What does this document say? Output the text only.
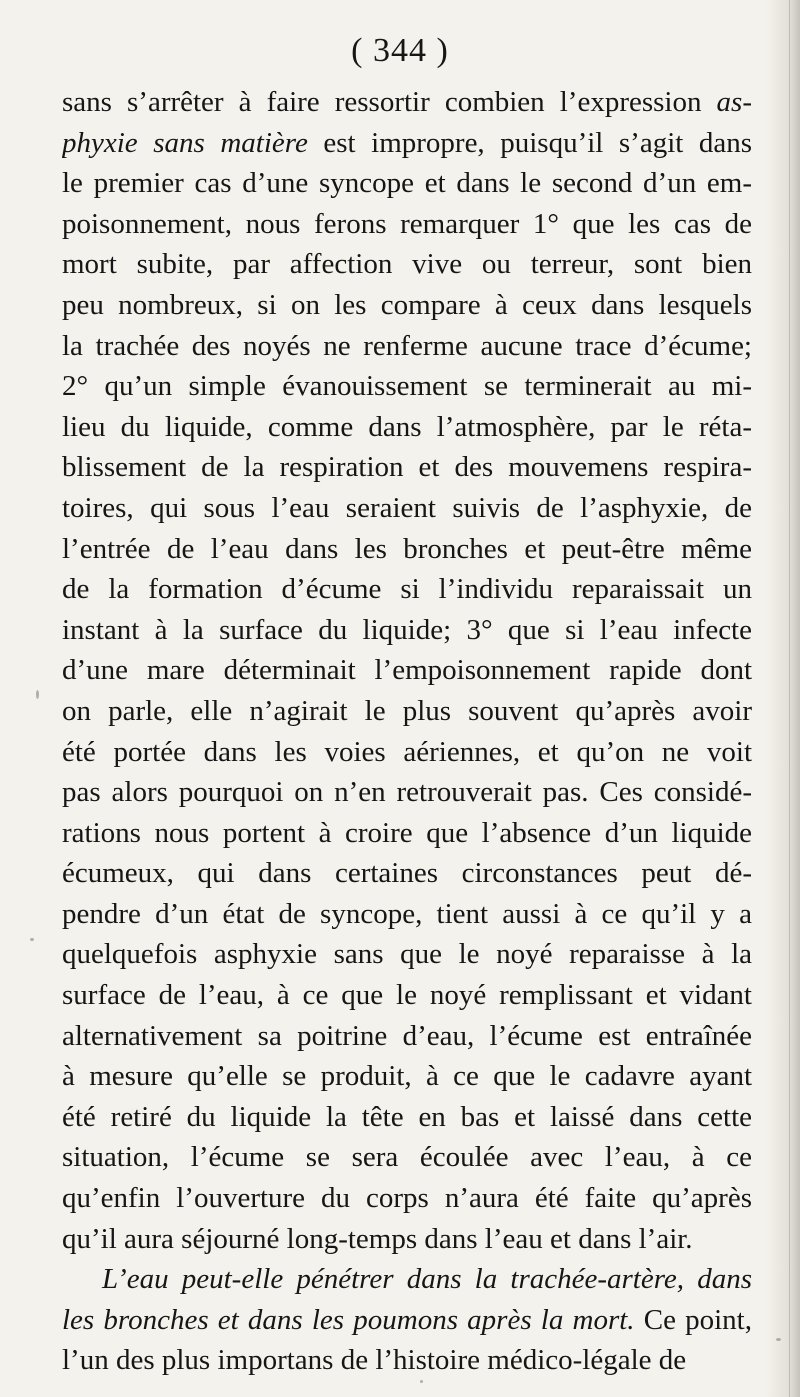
( 344 )
sans s’arrêter à faire ressortir combien l’expression as-
phyxie sans matière est impropre, puisqu’il s’agit dans
le premier cas d’une syncope et dans le second d’un em-
poisonnement, nous ferons remarquer 1° que les cas de
mort subite, par affection vive ou terreur, sont bien
peu nombreux, si on les compare à ceux dans lesquels
la trachée des noyés ne renferme aucune trace d’écume;
2° qu’un simple évanouissement se terminerait au mi-
lieu du liquide, comme dans l’atmosphère, par le réta-
blissement de la respiration et des mouvemens respira-
toires, qui sous l’eau seraient suivis de l’asphyxie, de
l’entrée de l’eau dans les bronches et peut-être même
de la formation d’écume si l’individu reparaissait un
instant à la surface du liquide; 3° que si l’eau infecte
d’une mare déterminait l’empoisonnement rapide dont
on parle, elle n’agirait le plus souvent qu’après avoir
été portée dans les voies aériennes, et qu’on ne voit
pas alors pourquoi on n’en retrouverait pas. Ces considé-
rations nous portent à croire que l’absence d’un liquide
écumeux, qui dans certaines circonstances peut dé-
pendre d’un état de syncope, tient aussi à ce qu’il y a
quelquefois asphyxie sans que le noyé reparaisse à la
surface de l’eau, à ce que le noyé remplissant et vidant
alternativement sa poitrine d’eau, l’écume est entraînée
à mesure qu’elle se produit, à ce que le cadavre ayant
été retiré du liquide la tête en bas et laissé dans cette
situation, l’écume se sera écoulée avec l’eau, à ce
qu’enfin l’ouverture du corps n’aura été faite qu’après
qu’il aura séjourné long-temps dans l’eau et dans l’air.
L’eau peut-elle pénétrer dans la trachée-artère, dans
les bronches et dans les poumons après la mort. Ce point,
l’un des plus importans de l’histoire médico-légale de
